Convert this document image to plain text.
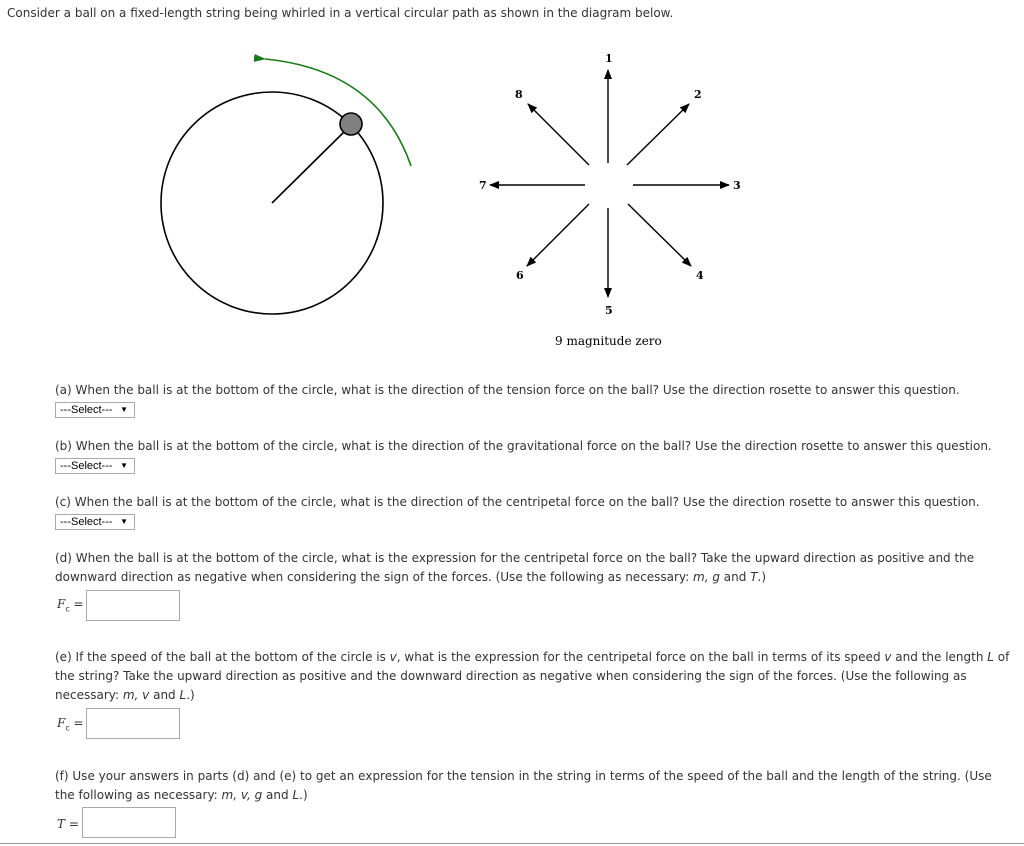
Consider a ball on a fixed-length string being whirled in a vertical circular path as shown in the diagram below.
1
2
3
4
5
6
7
8
9 magnitude zero

(a) When the ball is at the bottom of the circle, what is the direction of the tension force on the ball? Use the direction rosette to answer this question.

---Select--- ▼

(b) When the ball is at the bottom of the circle, what is the direction of the gravitational force on the ball? Use the direction rosette to answer this question.

---Select--- ▼

(c) When the ball is at the bottom of the circle, what is the direction of the centripetal force on the ball? Use the direction rosette to answer this question.

---Select--- ▼

(d) When the ball is at the bottom of the circle, what is the expression for the centripetal force on the ball? Take the upward direction as positive and the

downward direction as negative when considering the sign of the forces. (Use the following as necessary: m, g and T.)

$F_c$ =

(e) If the speed of the ball at the bottom of the circle is v, what is the expression for the centripetal force on the ball in terms of its speed v and the length L of

the string? Take the upward direction as positive and the downward direction as negative when considering the sign of the forces. (Use the following as

necessary: m, v and L.)

$F_c$ =

(f) Use your answers in parts (d) and (e) to get an expression for the tension in the string in terms of the speed of the ball and the length of the string. (Use

the following as necessary: m, v, g and L.)

T =
